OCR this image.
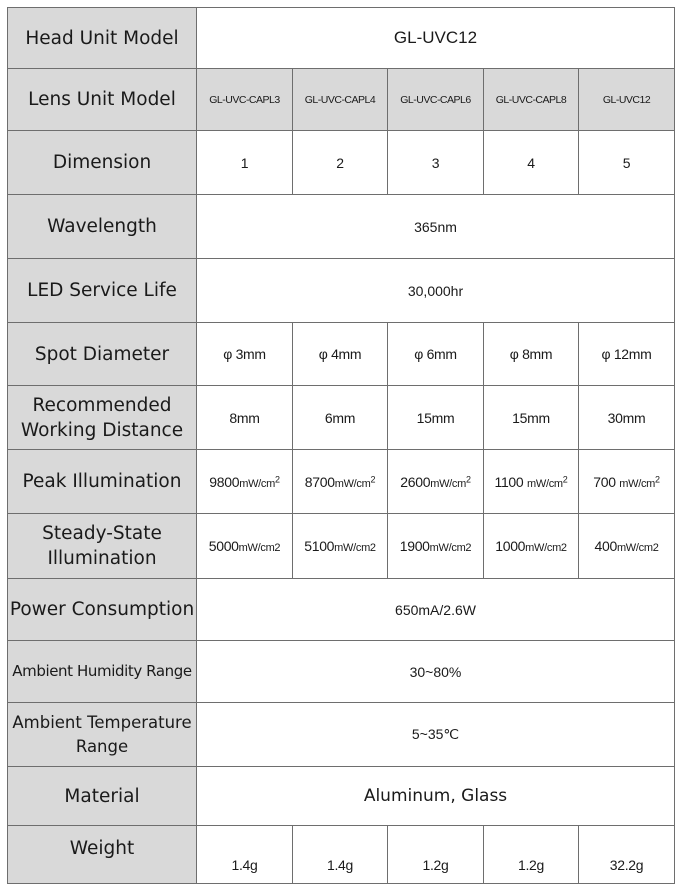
Head Unit Model	GL-UVC12				
Lens Unit Model	GL-UVC-CAPL3	GL-UVC-CAPL4	GL-UVC-CAPL6	GL-UVC-CAPL8	GL-UVC12
Dimension	1	2	3	4	5
Wavelength	365nm				
LED Service Life	30,000hr				
Spot Diameter	φ 3mm	φ 4mm	φ 6mm	φ 8mm	φ 12mm

Recommended
Working Distance	8mm	6mm	15mm	15mm	30mm
Peak Illumination	$9800mW/cm^2$	$8700mW/cm^2$	$2600mW/cm^2$	1100 $mW/cm^2$	700 $mW/cm^2$

Steady-State
Illumination	5000mW/cm2	5100mW/cm2	1900mW/cm2	1000mW/cm2	400mW/cm2
Power Consumption	650mA/2.6W				
Ambient Humidity Range	30~80%				

Ambient Temperature
Range	5~35℃				
Material	Aluminum, Glass				
Weight	1.4g	1.4g	1.2g	1.2g	32.2g
